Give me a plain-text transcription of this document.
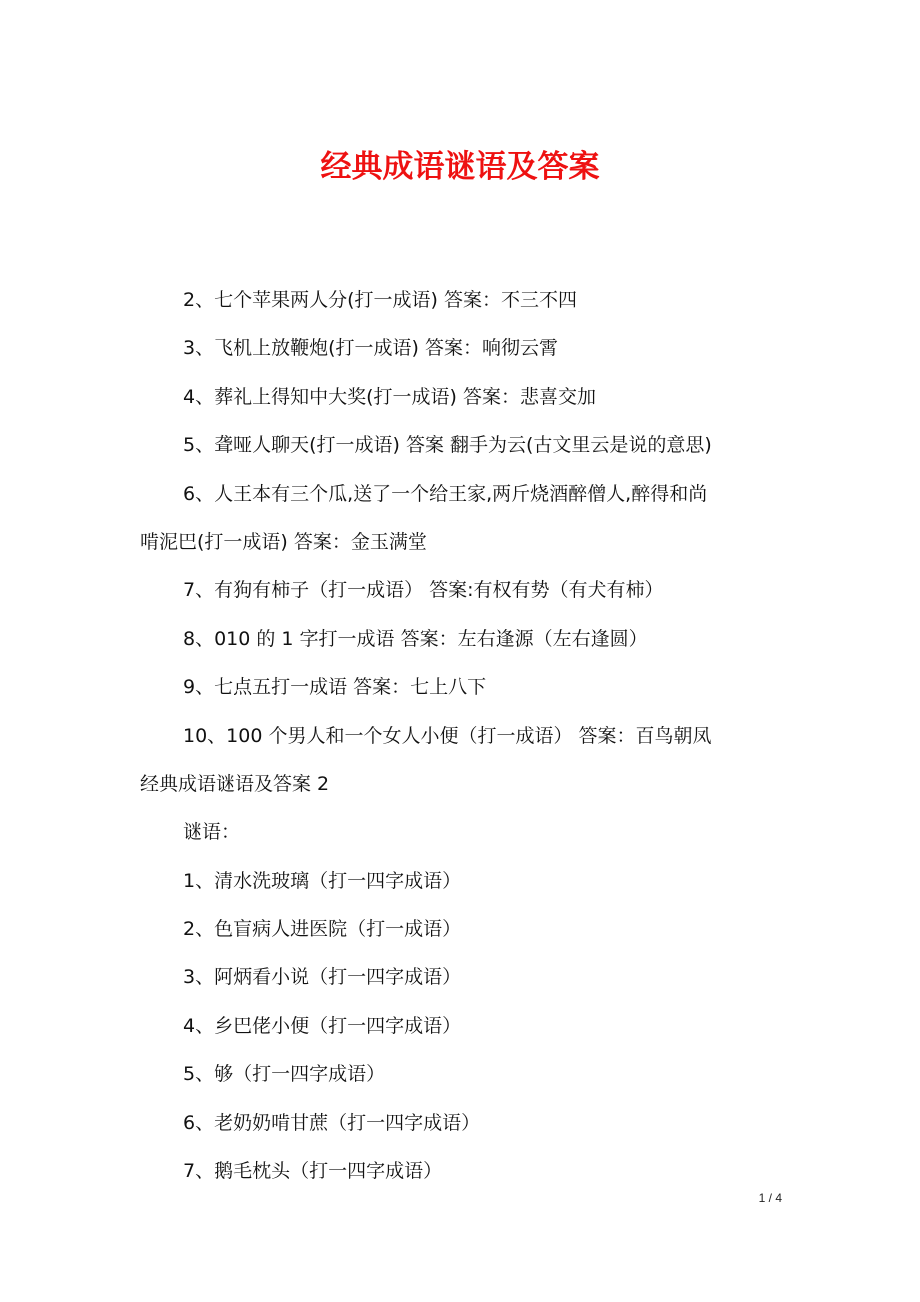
经典成语谜语及答案
2、七个苹果两人分(打一成语) 答案：不三不四
3、飞机上放鞭炮(打一成语) 答案：响彻云霄
4、葬礼上得知中大奖(打一成语) 答案：悲喜交加
5、聋哑人聊天(打一成语) 答案 翻手为云(古文里云是说的意思)
6、人王本有三个瓜,送了一个给王家,两斤烧酒醉僧人,醉得和尚
啃泥巴(打一成语) 答案：金玉满堂
7、有狗有柿子（打一成语） 答案:有权有势（有犬有柿）
8、010 的 1 字打一成语 答案：左右逢源（左右逢圆）
9、七点五打一成语 答案：七上八下
10、100 个男人和一个女人小便（打一成语） 答案：百鸟朝凤
经典成语谜语及答案 2
谜语：
1、清水洗玻璃（打一四字成语）
2、色盲病人进医院（打一成语）
3、阿炳看小说（打一四字成语）
4、乡巴佬小便（打一四字成语）
5、够（打一四字成语）
6、老奶奶啃甘蔗（打一四字成语）
7、鹅毛枕头（打一四字成语）
1 / 4
